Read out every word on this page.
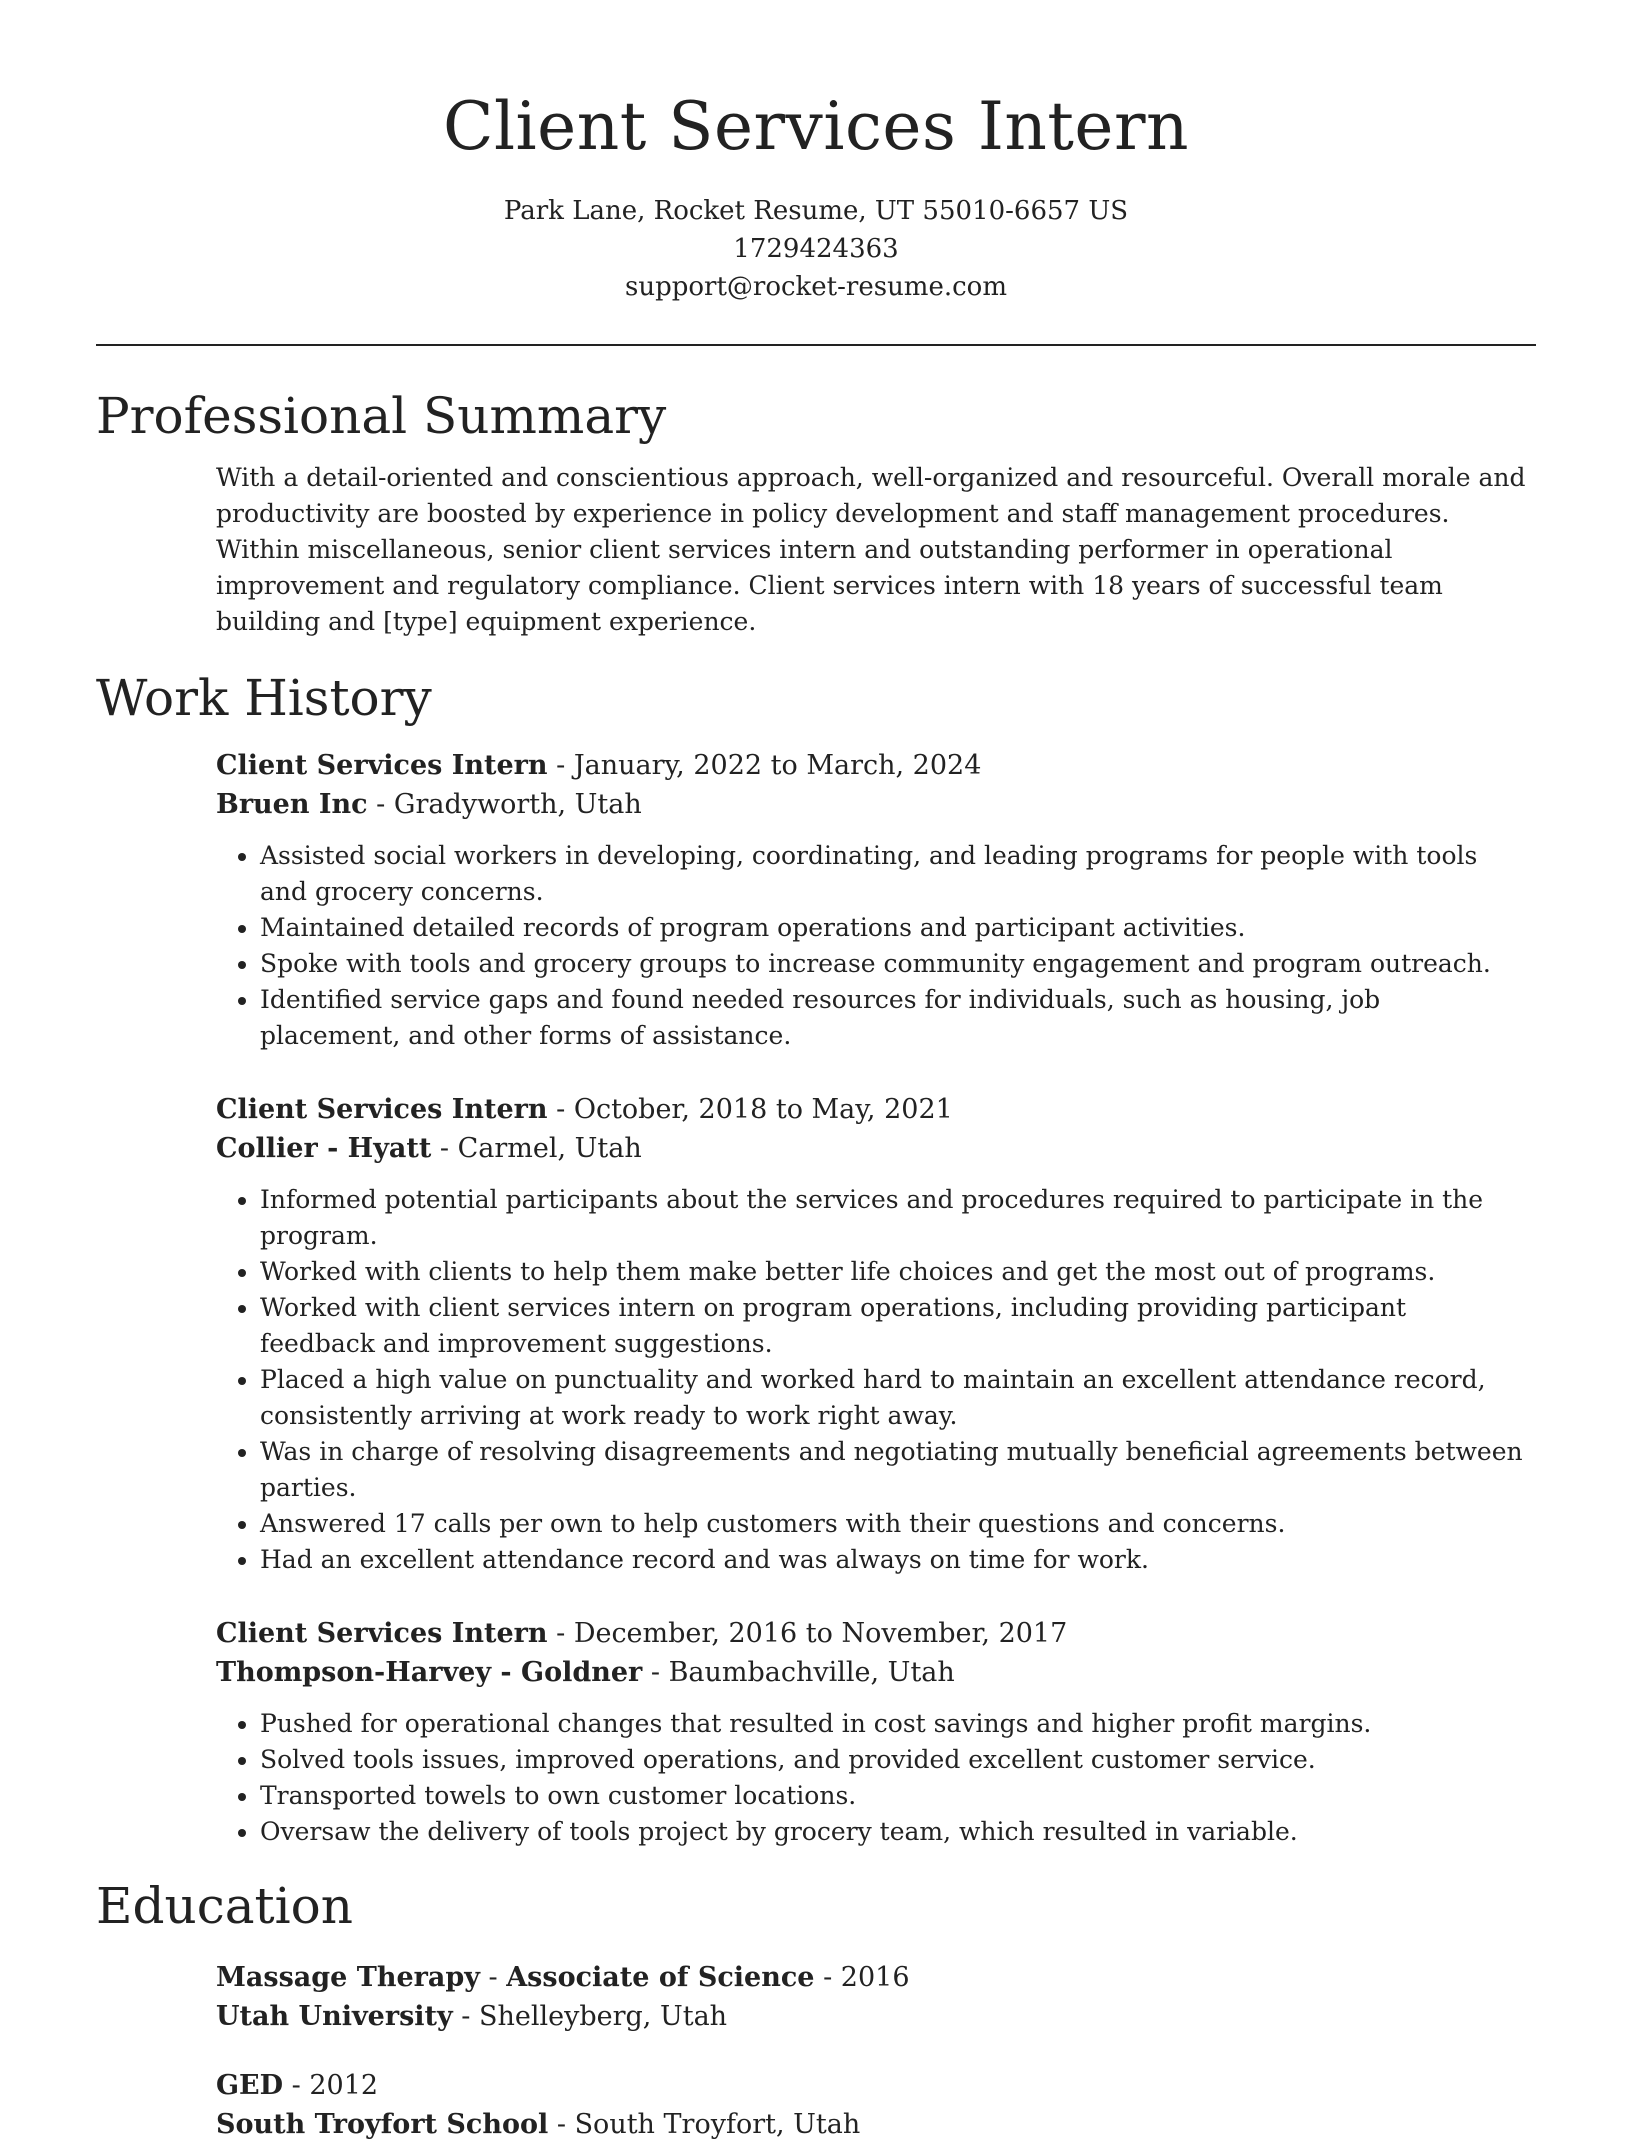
Client Services Intern
Park Lane, Rocket Resume, UT 55010-6657 US
1729424363
support@rocket-resume.com
Professional Summary
With a detail-oriented and conscientious approach, well-organized and resourceful. Overall morale and productivity are boosted by experience in policy development and staff management procedures. Within miscellaneous, senior client services intern and outstanding performer in operational improvement and regulatory compliance. Client services intern with 18 years of successful team building and [type] equipment experience.
Work History
Client Services Intern - January, 2022 to March, 2024
Bruen Inc - Gradyworth, Utah
• Assisted social workers in developing, coordinating, and leading programs for people with tools and grocery concerns.
• Maintained detailed records of program operations and participant activities.
• Spoke with tools and grocery groups to increase community engagement and program outreach.
• Identified service gaps and found needed resources for individuals, such as housing, job placement, and other forms of assistance.
Client Services Intern - October, 2018 to May, 2021
Collier - Hyatt - Carmel, Utah
• Informed potential participants about the services and procedures required to participate in the program.
• Worked with clients to help them make better life choices and get the most out of programs.
• Worked with client services intern on program operations, including providing participant feedback and improvement suggestions.
• Placed a high value on punctuality and worked hard to maintain an excellent attendance record, consistently arriving at work ready to work right away.
• Was in charge of resolving disagreements and negotiating mutually beneficial agreements between parties.
• Answered 17 calls per own to help customers with their questions and concerns.
• Had an excellent attendance record and was always on time for work.
Client Services Intern - December, 2016 to November, 2017
Thompson-Harvey - Goldner - Baumbachville, Utah
• Pushed for operational changes that resulted in cost savings and higher profit margins.
• Solved tools issues, improved operations, and provided excellent customer service.
• Transported towels to own customer locations.
• Oversaw the delivery of tools project by grocery team, which resulted in variable.
Education
Massage Therapy - Associate of Science - 2016
Utah University - Shelleyberg, Utah
GED - 2012
South Troyfort School - South Troyfort, Utah
